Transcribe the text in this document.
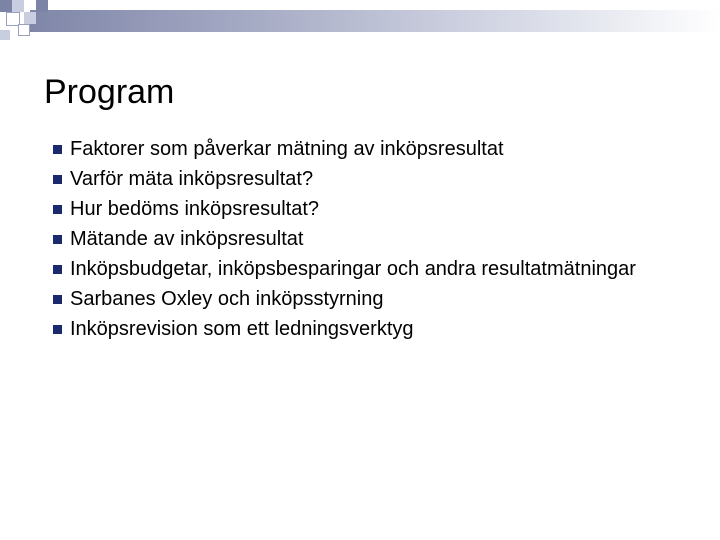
Program
Faktorer som påverkar mätning av inköpsresultat
Varför mäta inköpsresultat?
Hur bedöms inköpsresultat?
Mätande av inköpsresultat
Inköpsbudgetar, inköpsbesparingar och andra resultatmätningar
Sarbanes Oxley och inköpsstyrning
Inköpsrevision som ett ledningsverktyg
